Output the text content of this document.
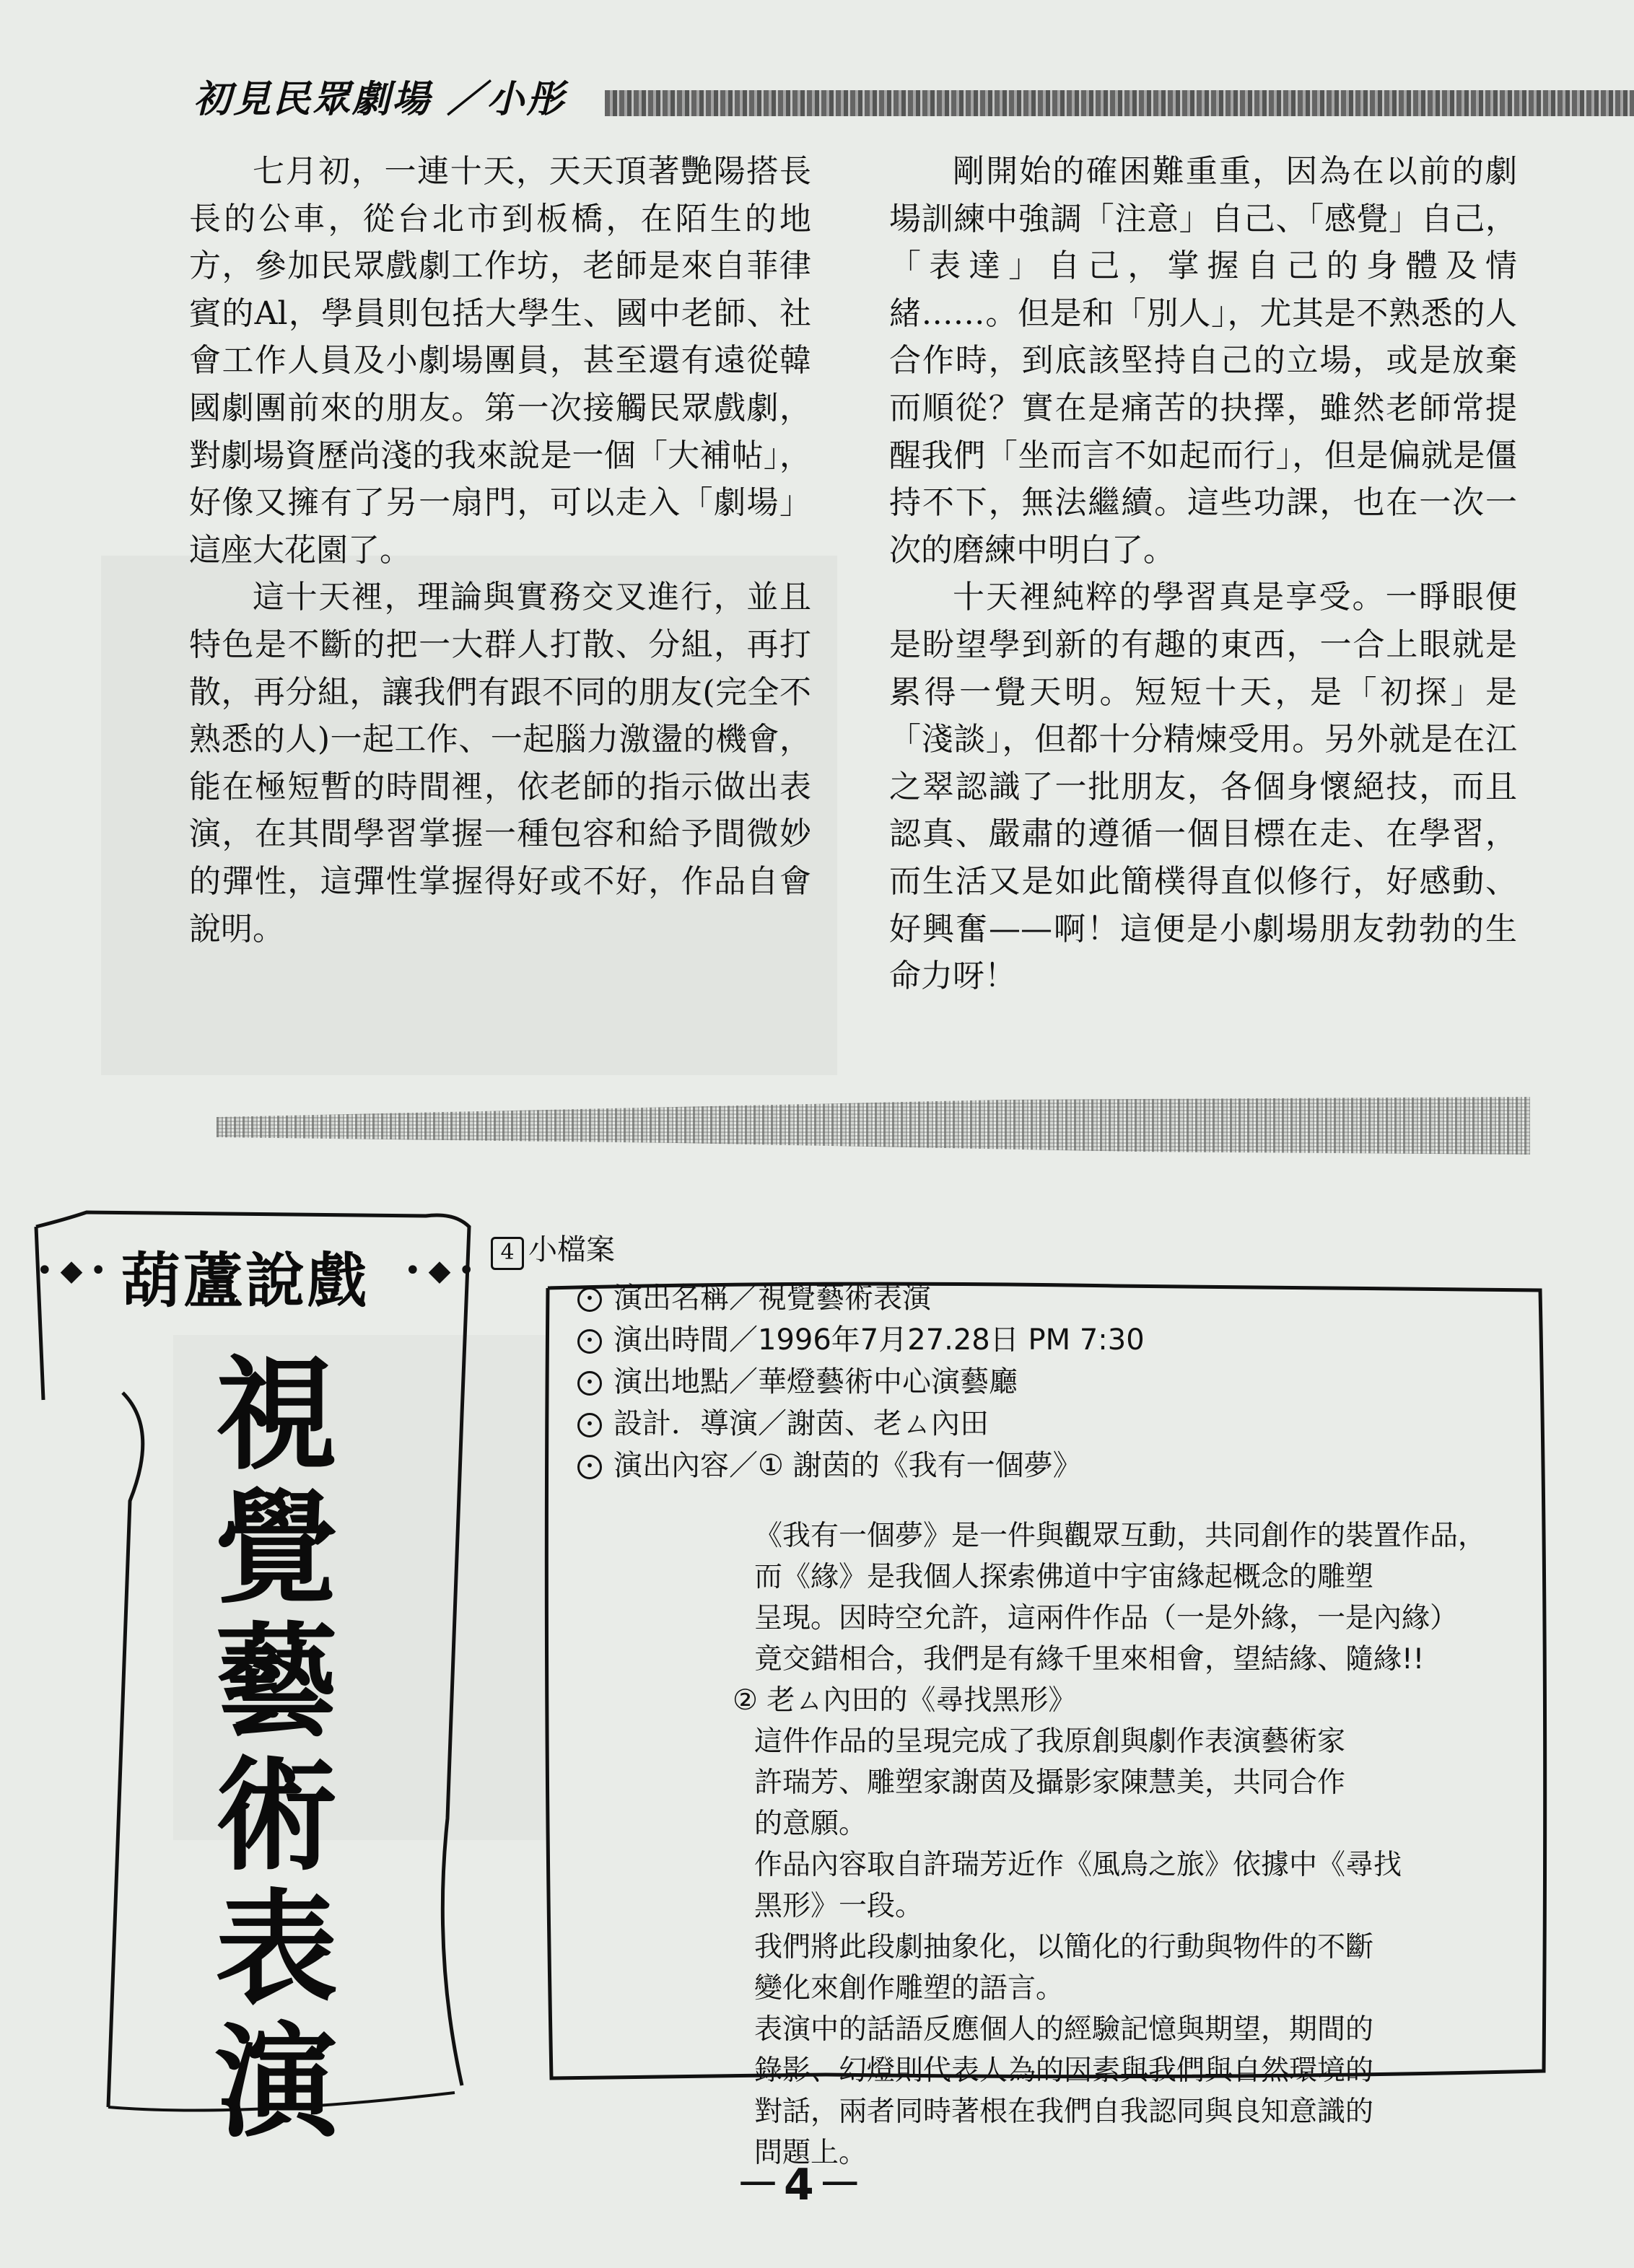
初見民眾劇場 ／小彤

七月初，一連十天，天天頂著艷陽搭長長的公車，從台北市到板橋，在陌生的地方，參加民眾戲劇工作坊，老師是來自菲律賓的Al，學員則包括大學生、國中老師、社會工作人員及小劇場團員，甚至還有遠從韓國劇團前來的朋友。第一次接觸民眾戲劇，對劇場資歷尚淺的我來說是一個「大補帖」，好像又擁有了另一扇門，可以走入「劇場」這座大花園了。

這十天裡，理論與實務交叉進行，並且特色是不斷的把一大群人打散、分組，再打散，再分組，讓我們有跟不同的朋友(完全不熟悉的人)一起工作、一起腦力激盪的機會，能在極短暫的時間裡，依老師的指示做出表演，在其間學習掌握一種包容和給予間微妙的彈性，這彈性掌握得好或不好，作品自會說明。

剛開始的確困難重重，因為在以前的劇場訓練中強調「注意」自己、「感覺」自己，「表達」自己，掌握自己的身體及情緒……。但是和「別人」，尤其是不熟悉的人合作時，到底該堅持自己的立場，或是放棄而順從？實在是痛苦的抉擇，雖然老師常提醒我們「坐而言不如起而行」，但是偏就是僵持不下，無法繼續。這些功課，也在一次一次的磨練中明白了。

十天裡純粹的學習真是享受。一睜眼便是盼望學到新的有趣的東西，一合上眼就是累得一覺天明。短短十天，是「初探」是「淺談」，但都十分精煉受用。另外就是在江之翠認識了一批朋友，各個身懷絕技，而且認真、嚴肅的遵循一個目標在走、在學習，而生活又是如此簡樸得直似修行，好感動、好興奮——啊！這便是小劇場朋友勃勃的生命力呀！

•◆•	•◆•
葫蘆說戲
視
覺
藝
術
表
演
4 小檔案
• 演出名稱／視覺藝術表演
• 演出時間／1996年7月27.28日 PM 7:30
• 演出地點／華燈藝術中心演藝廳
• 設計．導演／謝茵、老ㄙ內田
• 演出內容／① 謝茵的《我有一個夢》

《我有一個夢》是一件與觀眾互動，共同創作的裝置作品，

而《緣》是我個人探索佛道中宇宙緣起概念的雕塑

呈現。因時空允許，這兩件作品（一是外緣，一是內緣）

竟交錯相合，我們是有緣千里來相會，望結緣、隨緣!!

② 老ㄙ內田的《尋找黑形》

這件作品的呈現完成了我原創與劇作表演藝術家

許瑞芳、雕塑家謝茵及攝影家陳慧美，共同合作

的意願。

作品內容取自許瑞芳近作《風鳥之旅》依據中《尋找

黑形》一段。

我們將此段劇抽象化，以簡化的行動與物件的不斷

變化來創作雕塑的語言。

表演中的話語反應個人的經驗記憶與期望，期間的

錄影、幻燈則代表人為的因素與我們與自然環境的

對話，兩者同時著根在我們自我認同與良知意識的

問題上。

－4－
